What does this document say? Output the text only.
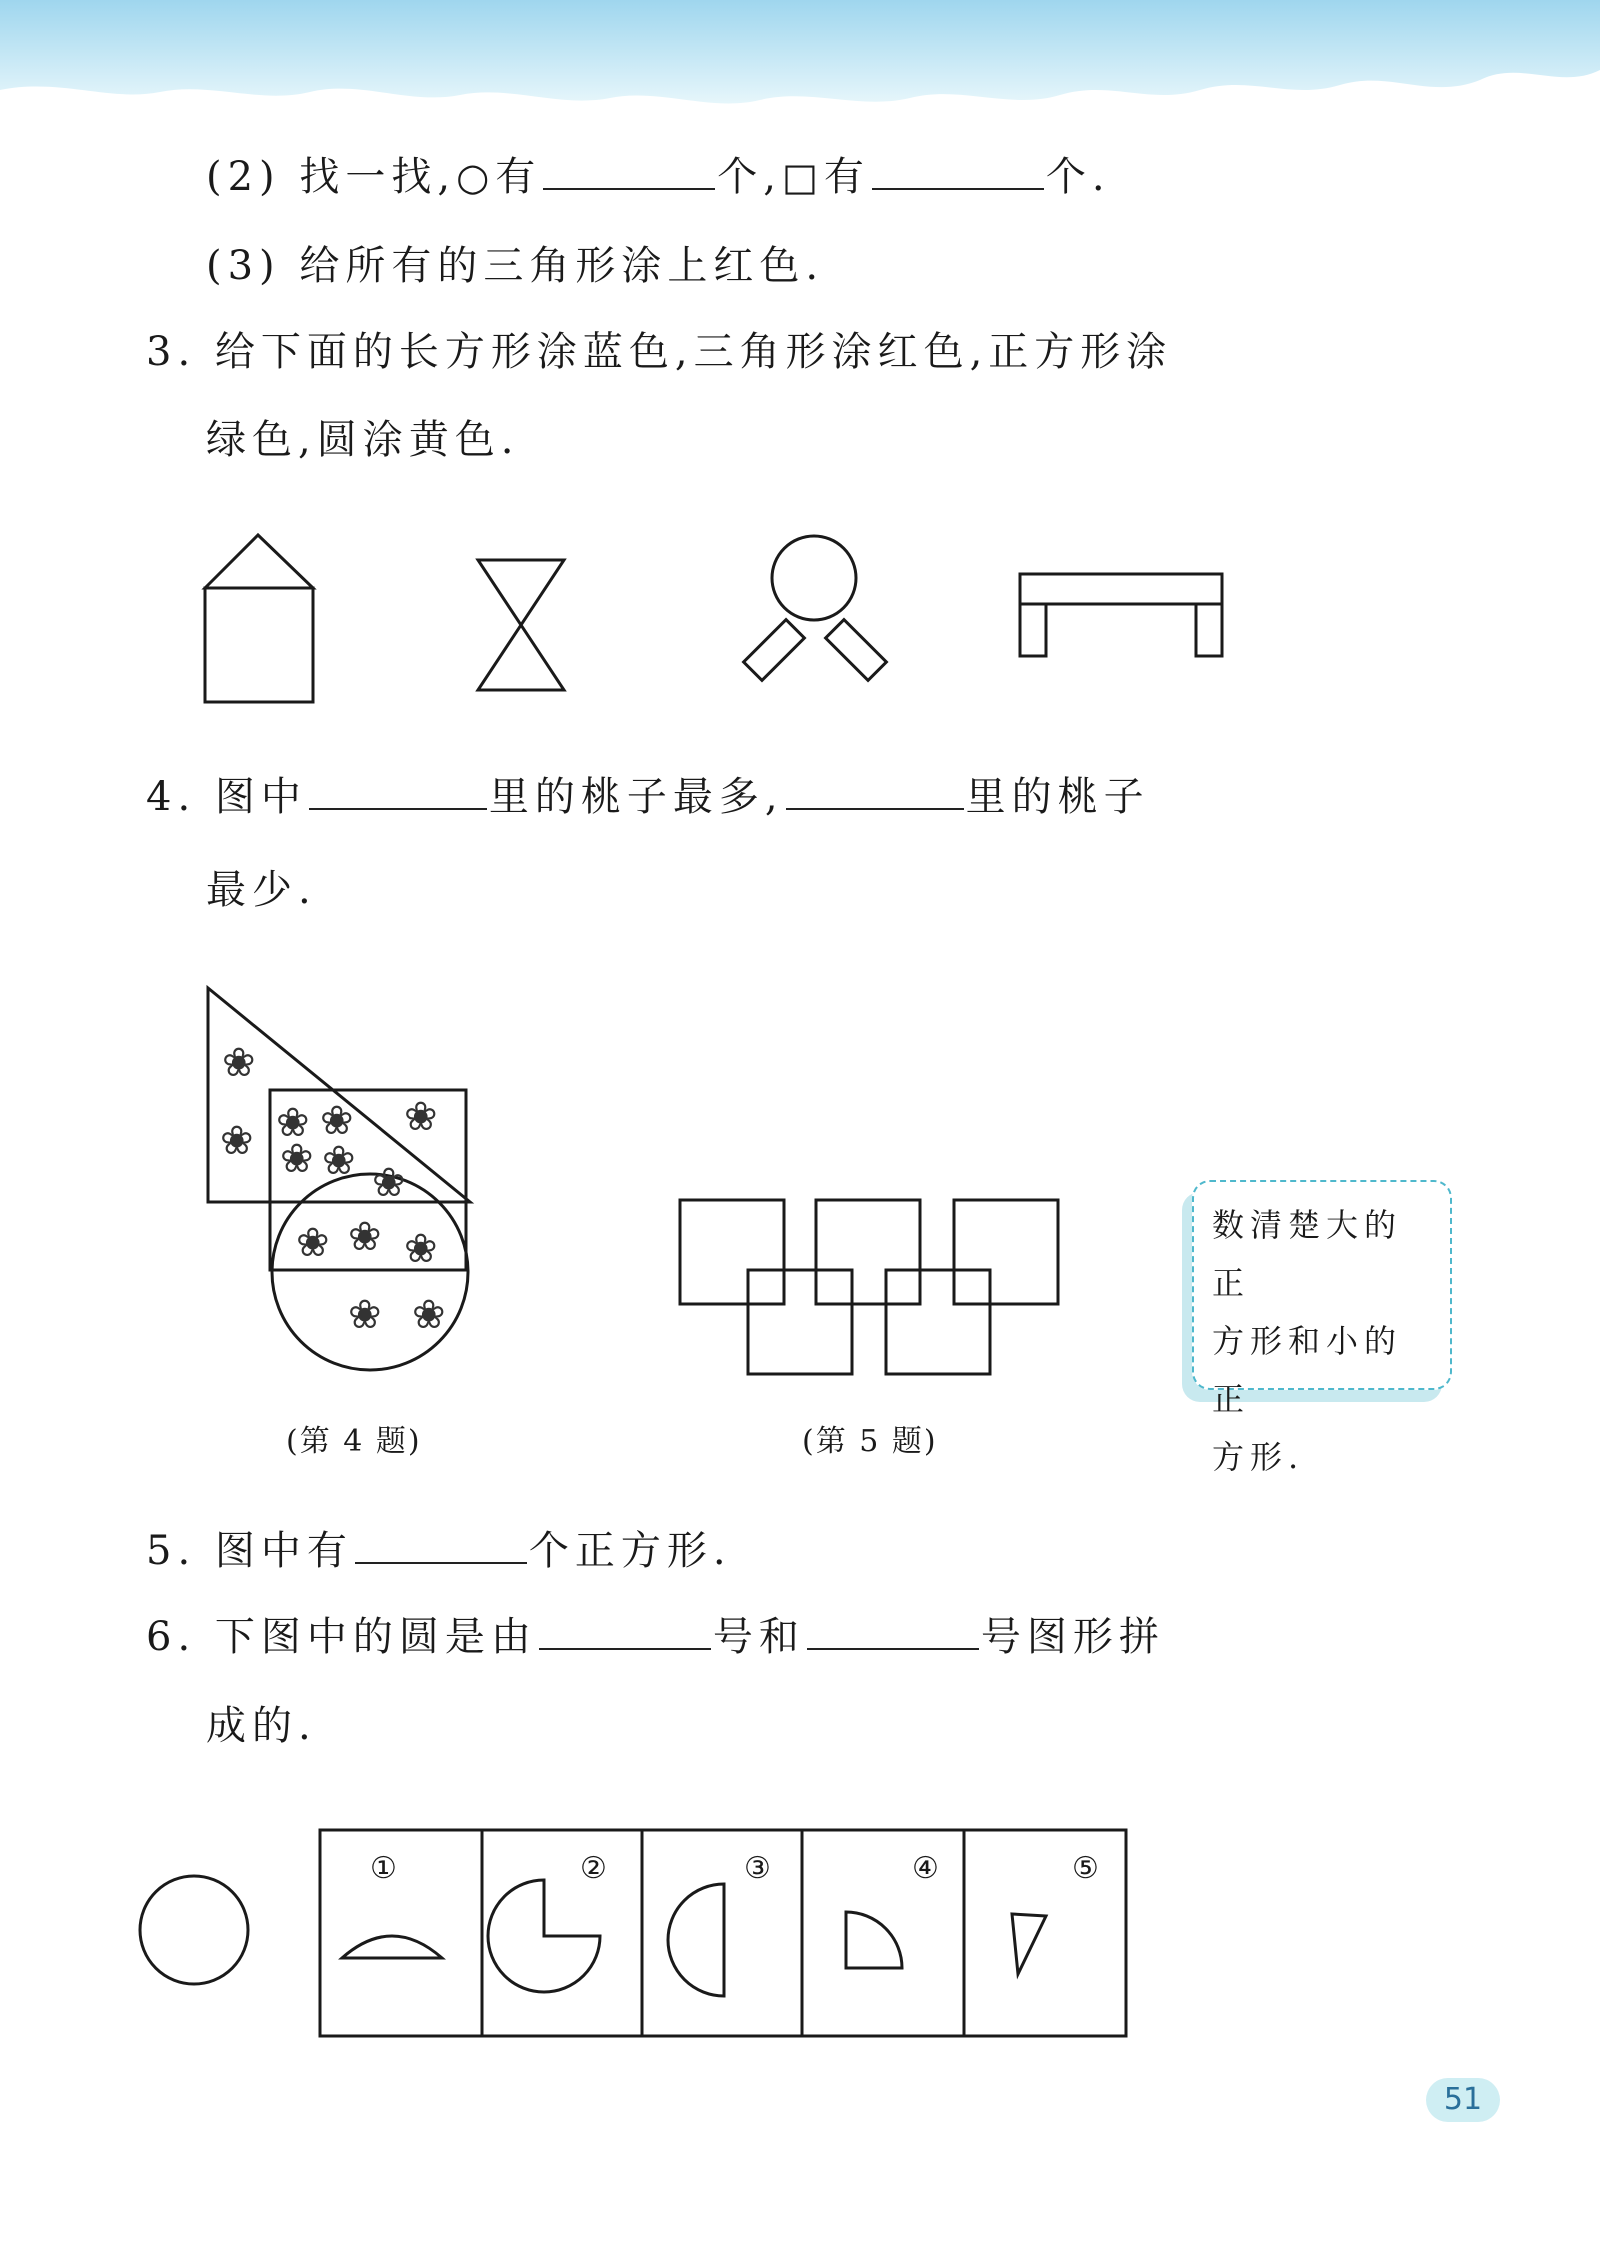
(2) 找一找,○有	个,□有	个.
(3) 给所有的三角形涂上红色.
3. 给下面的长方形涂蓝色,三角形涂红色,正方形涂
绿色,圆涂黄色.
4. 图中	里的桃子最多,	里的桃子
最少.
❀
❀ ❀ ❀
❀ ❀
❀
❀
❀ ❀ ❀
❀ ❀
(第 4 题)	(第 5 题)
数清楚大的正
方形和小的正
方形.
5. 图中有	个正方形.
6. 下图中的圆是由	号和	号图形拼
成的.
①	②	③	④	⑤
51
